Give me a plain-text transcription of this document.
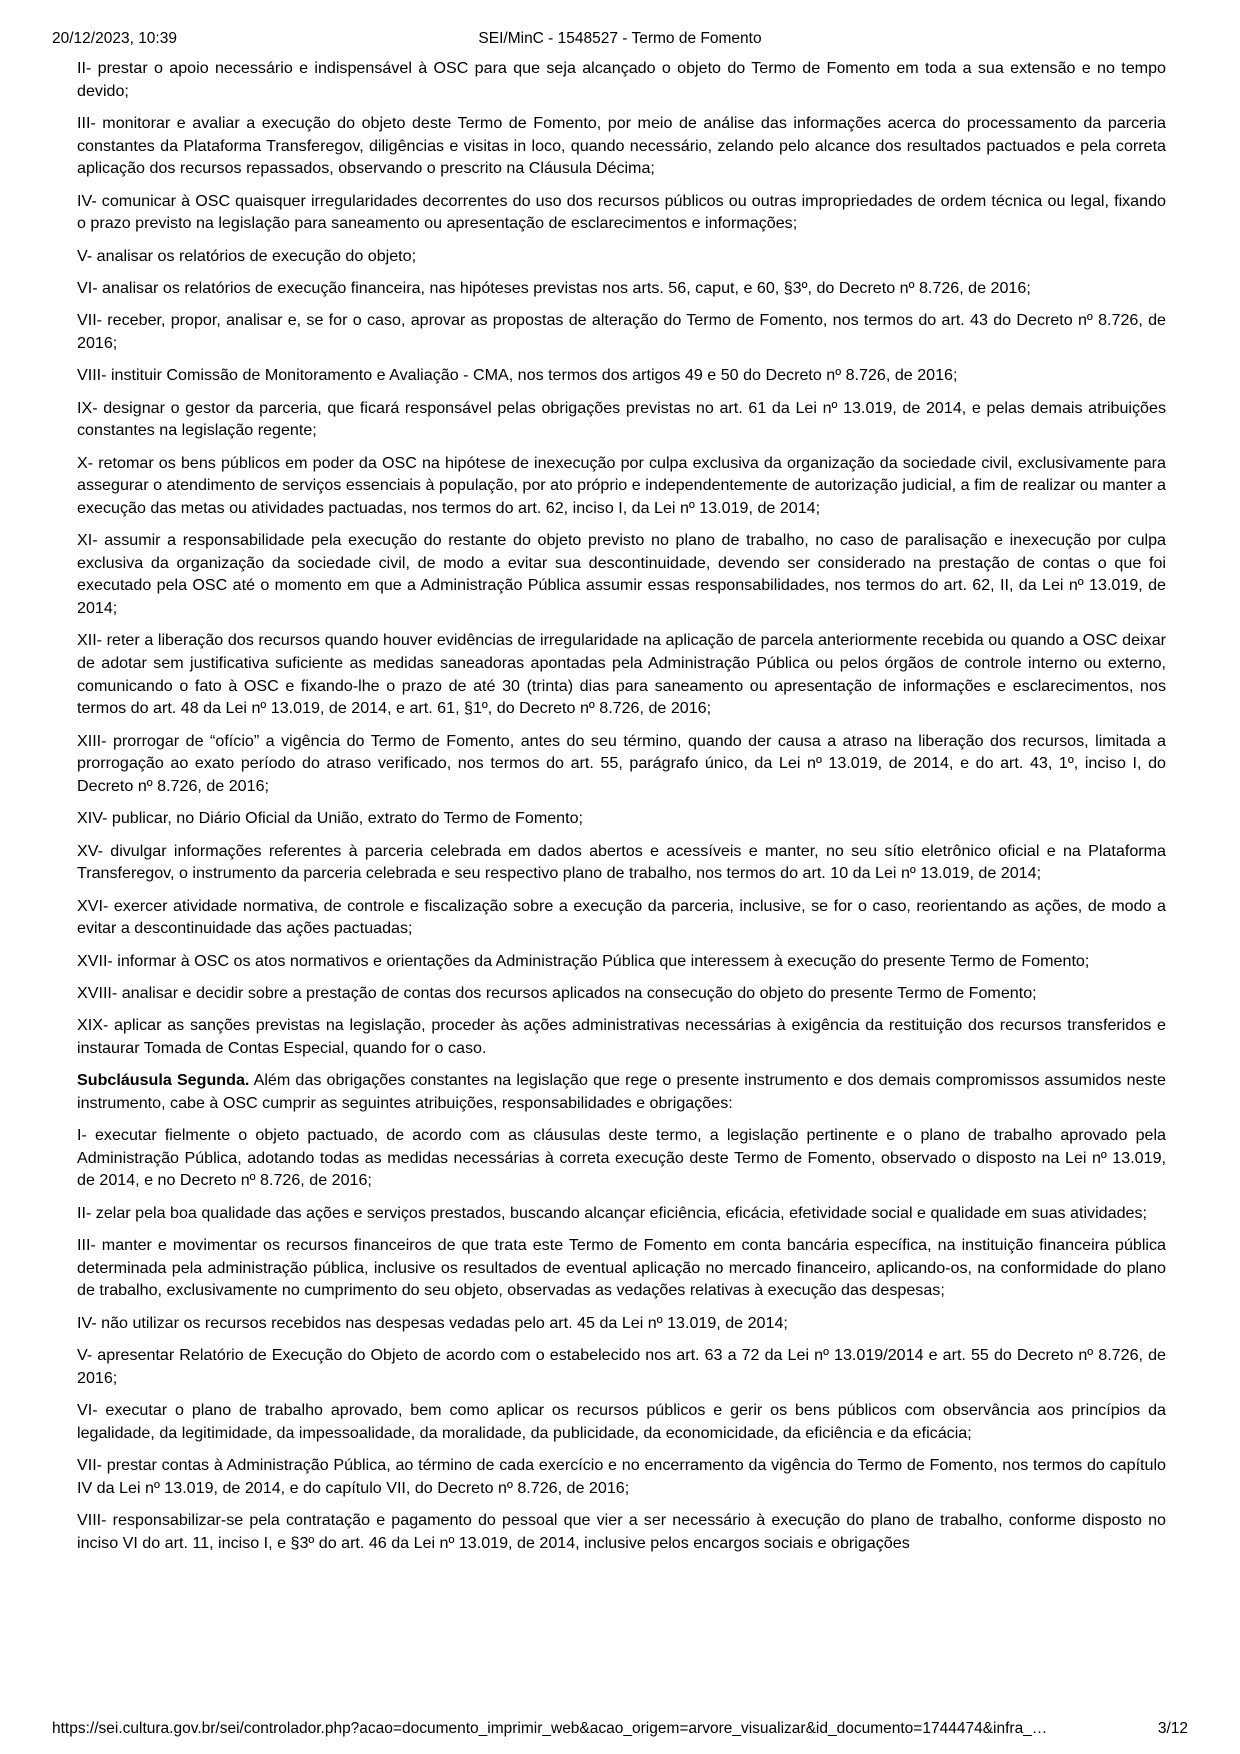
20/12/2023, 10:39	SEI/MinC - 1548527 - Termo de Fomento

II- prestar o apoio necessário e indispensável à OSC para que seja alcançado o objeto do Termo de Fomento em toda a sua extensão e no tempo devido;

III- monitorar e avaliar a execução do objeto deste Termo de Fomento, por meio de análise das informações acerca do processamento da parceria constantes da Plataforma Transferegov, diligências e visitas in loco, quando necessário, zelando pelo alcance dos resultados pactuados e pela correta aplicação dos recursos repassados, observando o prescrito na Cláusula Décima;

IV- comunicar à OSC quaisquer irregularidades decorrentes do uso dos recursos públicos ou outras impropriedades de ordem técnica ou legal, fixando o prazo previsto na legislação para saneamento ou apresentação de esclarecimentos e informações;

V- analisar os relatórios de execução do objeto;

VI- analisar os relatórios de execução financeira, nas hipóteses previstas nos arts. 56, caput, e 60, §3º, do Decreto nº 8.726, de 2016;

VII- receber, propor, analisar e, se for o caso, aprovar as propostas de alteração do Termo de Fomento, nos termos do art. 43 do Decreto nº 8.726, de 2016;

VIII- instituir Comissão de Monitoramento e Avaliação - CMA, nos termos dos artigos 49 e 50 do Decreto nº 8.726, de 2016;

IX- designar o gestor da parceria, que ficará responsável pelas obrigações previstas no art. 61 da Lei nº 13.019, de 2014, e pelas demais atribuições constantes na legislação regente;

X- retomar os bens públicos em poder da OSC na hipótese de inexecução por culpa exclusiva da organização da sociedade civil, exclusivamente para assegurar o atendimento de serviços essenciais à população, por ato próprio e independentemente de autorização judicial, a fim de realizar ou manter a execução das metas ou atividades pactuadas, nos termos do art. 62, inciso I, da Lei nº 13.019, de 2014;

XI- assumir a responsabilidade pela execução do restante do objeto previsto no plano de trabalho, no caso de paralisação e inexecução por culpa exclusiva da organização da sociedade civil, de modo a evitar sua descontinuidade, devendo ser considerado na prestação de contas o que foi executado pela OSC até o momento em que a Administração Pública assumir essas responsabilidades, nos termos do art. 62, II, da Lei nº 13.019, de 2014;

XII- reter a liberação dos recursos quando houver evidências de irregularidade na aplicação de parcela anteriormente recebida ou quando a OSC deixar de adotar sem justificativa suficiente as medidas saneadoras apontadas pela Administração Pública ou pelos órgãos de controle interno ou externo, comunicando o fato à OSC e fixando-lhe o prazo de até 30 (trinta) dias para saneamento ou apresentação de informações e esclarecimentos, nos termos do art. 48 da Lei nº 13.019, de 2014, e art. 61, §1º, do Decreto nº 8.726, de 2016;

XIII- prorrogar de “ofício” a vigência do Termo de Fomento, antes do seu término, quando der causa a atraso na liberação dos recursos, limitada a prorrogação ao exato período do atraso verificado, nos termos do art. 55, parágrafo único, da Lei nº 13.019, de 2014, e do art. 43, 1º, inciso I, do Decreto nº 8.726, de 2016;

XIV- publicar, no Diário Oficial da União, extrato do Termo de Fomento;

XV- divulgar informações referentes à parceria celebrada em dados abertos e acessíveis e manter, no seu sítio eletrônico oficial e na Plataforma Transferegov, o instrumento da parceria celebrada e seu respectivo plano de trabalho, nos termos do art. 10 da Lei nº 13.019, de 2014;

XVI- exercer atividade normativa, de controle e fiscalização sobre a execução da parceria, inclusive, se for o caso, reorientando as ações, de modo a evitar a descontinuidade das ações pactuadas;

XVII- informar à OSC os atos normativos e orientações da Administração Pública que interessem à execução do presente Termo de Fomento;

XVIII- analisar e decidir sobre a prestação de contas dos recursos aplicados na consecução do objeto do presente Termo de Fomento;

XIX- aplicar as sanções previstas na legislação, proceder às ações administrativas necessárias à exigência da restituição dos recursos transferidos e instaurar Tomada de Contas Especial, quando for o caso.

Subcláusula Segunda. Além das obrigações constantes na legislação que rege o presente instrumento e dos demais compromissos assumidos neste instrumento, cabe à OSC cumprir as seguintes atribuições, responsabilidades e obrigações:

I- executar fielmente o objeto pactuado, de acordo com as cláusulas deste termo, a legislação pertinente e o plano de trabalho aprovado pela Administração Pública, adotando todas as medidas necessárias à correta execução deste Termo de Fomento, observado o disposto na Lei nº 13.019, de 2014, e no Decreto nº 8.726, de 2016;

II- zelar pela boa qualidade das ações e serviços prestados, buscando alcançar eficiência, eficácia, efetividade social e qualidade em suas atividades;

III- manter e movimentar os recursos financeiros de que trata este Termo de Fomento em conta bancária específica, na instituição financeira pública determinada pela administração pública, inclusive os resultados de eventual aplicação no mercado financeiro, aplicando-os, na conformidade do plano de trabalho, exclusivamente no cumprimento do seu objeto, observadas as vedações relativas à execução das despesas;

IV- não utilizar os recursos recebidos nas despesas vedadas pelo art. 45 da Lei nº 13.019, de 2014;

V- apresentar Relatório de Execução do Objeto de acordo com o estabelecido nos art. 63 a 72 da Lei nº 13.019/2014 e art. 55 do Decreto nº 8.726, de 2016;

VI- executar o plano de trabalho aprovado, bem como aplicar os recursos públicos e gerir os bens públicos com observância aos princípios da legalidade, da legitimidade, da impessoalidade, da moralidade, da publicidade, da economicidade, da eficiência e da eficácia;

VII- prestar contas à Administração Pública, ao término de cada exercício e no encerramento da vigência do Termo de Fomento, nos termos do capítulo IV da Lei nº 13.019, de 2014, e do capítulo VII, do Decreto nº 8.726, de 2016;

VIII- responsabilizar-se pela contratação e pagamento do pessoal que vier a ser necessário à execução do plano de trabalho, conforme disposto no inciso VI do art. 11, inciso I, e §3º do art. 46 da Lei nº 13.019, de 2014, inclusive pelos encargos sociais e obrigações

https://sei.cultura.gov.br/sei/controlador.php?acao=documento_imprimir_web&acao_origem=arvore_visualizar&id_documento=1744474&infra_…	3/12
